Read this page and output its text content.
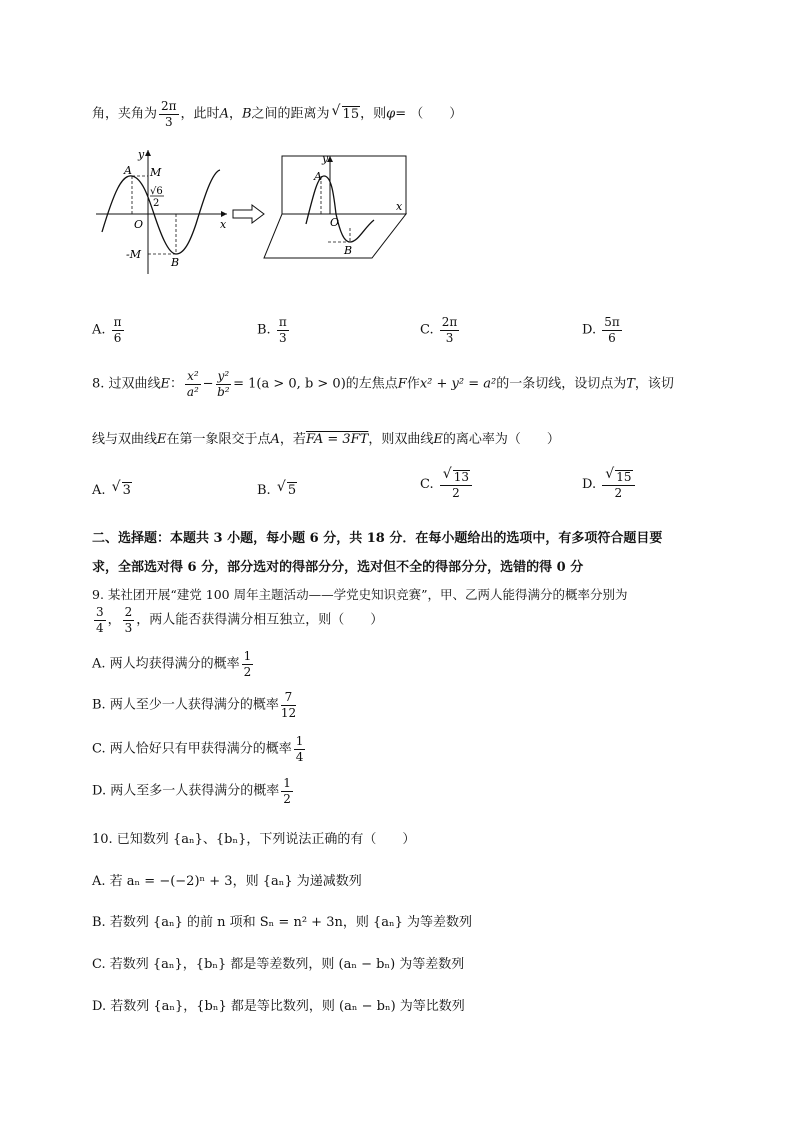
角，夹角为 $\frac{2\pi}{3}$ ，此时A，B之间的距离为 √ 15，则φ= （　　）
y
A M
√6
2
O	x
-M
B
y
A
O
x
B
A. $\frac{\pi}{6}$	B. $\frac{\pi}{3}$	C. $\frac{2\pi}{3}$	D. $\frac{5\pi}{6}$
8. 过双曲线E： $\frac{\text{x²}}{\text{a²}} - \frac{\text{y²}}{\text{b²}} = 1(a > 0$, b > 0)的左焦点F作x² + y² = a²的一条切线，设切点为T，该切
线与双曲线E在第一象限交于点A，若FA = 3FT，则双曲线E的离心率为（　　）
A. √ 3	B. √ 5	C. √ $\frac{13}{2}$	D. √ $\frac{15}{2}$
二、选择题：本题共 3 小题，每小题 6 分，共 18 分．在每小题给出的选项中，有多项符合题目要
求，全部选对得 6 分，部分选对的得部分分，选对但不全的得部分分，选错的得 0 分
9. 某社团开展“建党 100 周年主题活动——学党史知识竞赛”，甲、乙两人能得满分的概率分别为
$\frac{3}{4}$ ， $\frac{2}{3}$ ，两人能否获得满分相互独立，则（　　）
A. 两人均获得满分的概率 $\frac{1}{2}$
B. 两人至少一人获得满分的概率 $\frac{7}{12}$
C. 两人恰好只有甲获得满分的概率 $\frac{1}{4}$
D. 两人至多一人获得满分的概率 $\frac{1}{2}$
10. 已知数列 {aₙ}、{bₙ}，下列说法正确的有（　　）
A. 若 aₙ = −(−2)ⁿ + 3，则 {aₙ} 为递减数列
B. 若数列 {aₙ} 的前 n 项和 Sₙ = n² + 3n，则 {aₙ} 为等差数列
C. 若数列 {aₙ}，{bₙ} 都是等差数列，则 (aₙ − bₙ) 为等差数列
D. 若数列 {aₙ}，{bₙ} 都是等比数列，则 (aₙ − bₙ) 为等比数列
